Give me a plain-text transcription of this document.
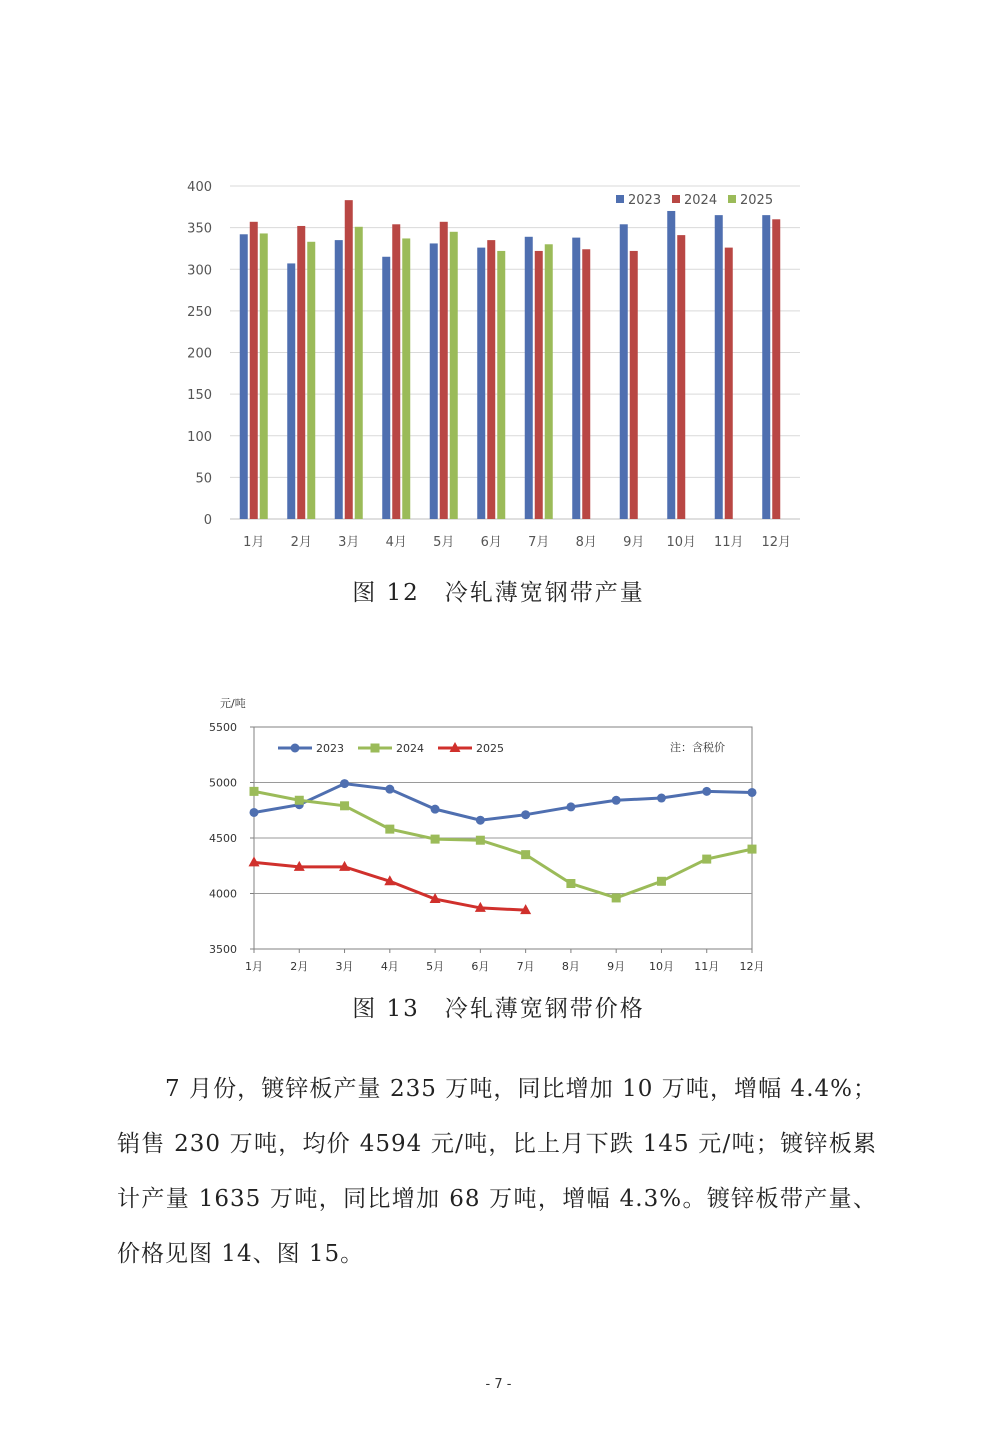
0
50
100
150
200
250
300
350
400
1月 2月 3月 4月 5月 6月 7月 8月 9月 10月 11月 12月
2023 2024 2025
图 12　冷轧薄宽钢带产量
3500
4000
4500
5000
5500
1月 2月 3月 4月 5月 6月 7月 8月 9月 10月 11月 12月
元/吨
注：含税价
2023	2024	2025
图 13　冷轧薄宽钢带价格
7 月份，镀锌板产量 235 万吨，同比增加 10 万吨，增幅 4.4%；销售 230 万吨，均价 4594 元/吨，比上月下跌 145 元/吨；镀锌板累计产量 1635 万吨，同比增加 68 万吨，增幅 4.3%。镀锌板带产量、价格见图 14、图 15。
- 7 -
